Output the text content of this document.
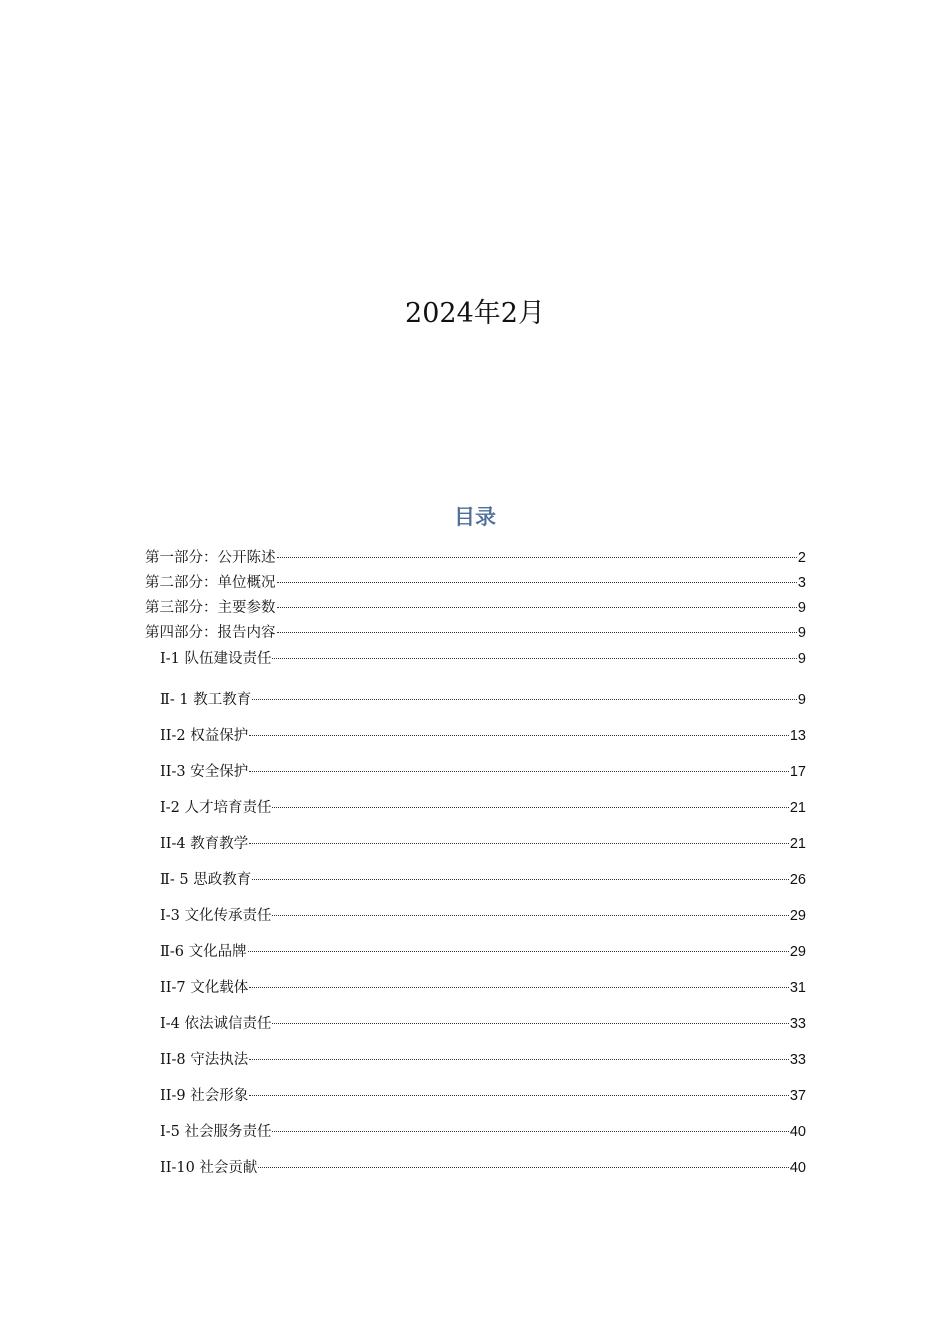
2024年2月
目录
第一部分：公开陈述	2
第二部分：单位概况	3
第三部分：主要参数	9
第四部分：报告内容	9
I-1 队伍建设责任	9
Ⅱ- 1 教工教育	9
II-2 权益保护	13
II-3 安全保护	17
I-2 人才培育责任	21
II-4 教育教学	21
Ⅱ- 5 思政教育	26
I-3 文化传承责任	29
Ⅱ-6 文化品牌	29
II-7 文化载体	31
I-4 依法诚信责任	33
II-8 守法执法	33
II-9 社会形象	37
I-5 社会服务责任	40
II-10 社会贡献	40
